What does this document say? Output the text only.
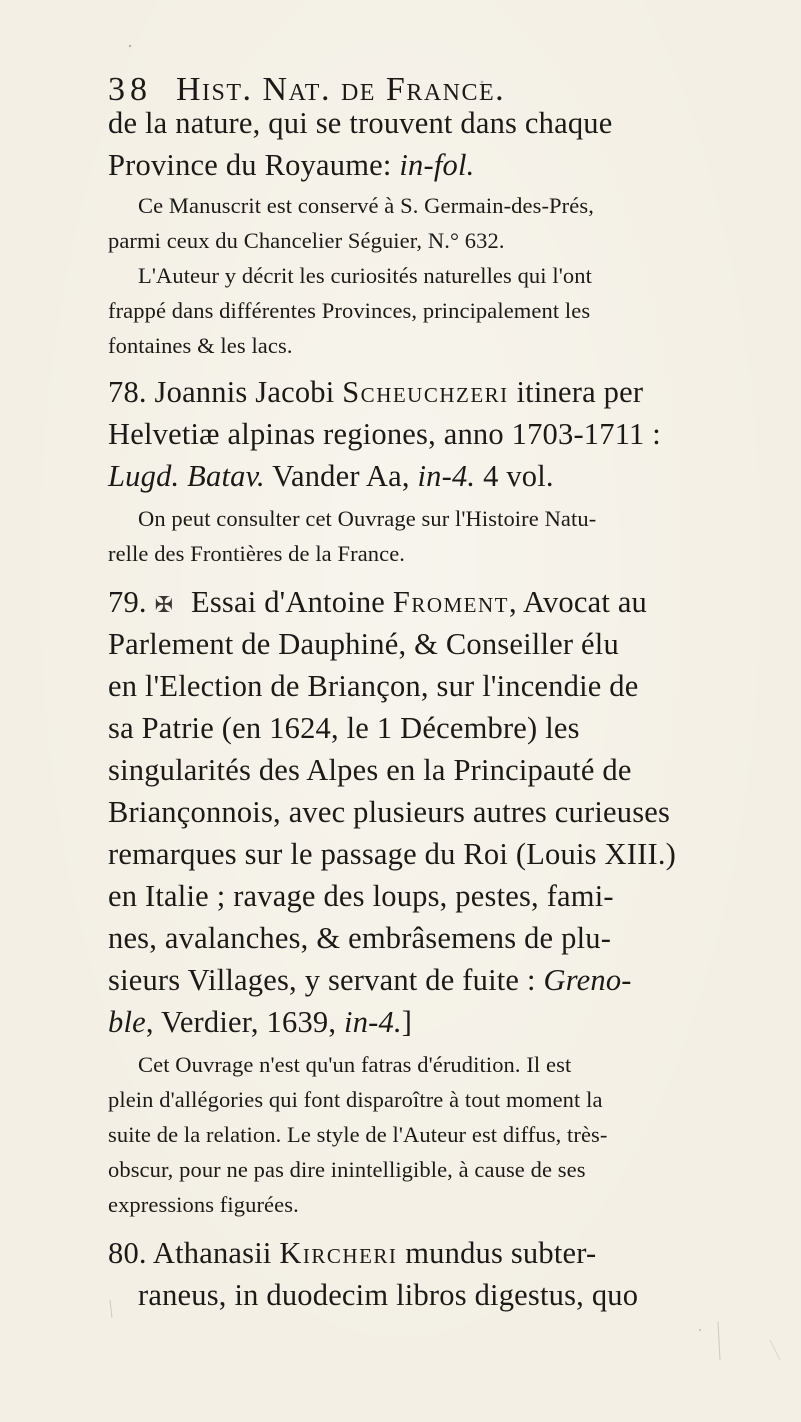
38 Hist. Nat. de France.
de la nature, qui se trouvent dans chaque
Province du Royaume: in-fol.
Ce Manuscrit est conservé à S. Germain-des-Prés,
parmi ceux du Chancelier Séguier, N.° 632.
L'Auteur y décrit les curiosités naturelles qui l'ont
frappé dans différentes Provinces, principalement les
fontaines & les lacs.
78. Joannis Jacobi Scheuchzeri itinera per
Helvetiæ alpinas regiones, anno 1703-1711 :
Lugd. Batav. Vander Aa, in-4. 4 vol.
On peut consulter cet Ouvrage sur l'Histoire Natu-
relle des Frontières de la France.
79. ✠ Essai d'Antoine Froment, Avocat au
Parlement de Dauphiné, & Conseiller élu
en l'Election de Briançon, sur l'incendie de
sa Patrie (en 1624, le 1 Décembre) les
singularités des Alpes en la Principauté de
Briançonnois, avec plusieurs autres curieuses
remarques sur le passage du Roi (Louis XIII.)
en Italie ; ravage des loups, pestes, fami-
nes, avalanches, & embrâsemens de plu-
sieurs Villages, y servant de fuite : Greno-
ble, Verdier, 1639, in-4.]
Cet Ouvrage n'est qu'un fatras d'érudition. Il est
plein d'allégories qui font disparoître à tout moment la
suite de la relation. Le style de l'Auteur est diffus, très-
obscur, pour ne pas dire inintelligible, à cause de ses
expressions figurées.
80. Athanasii Kircheri mundus subter-
raneus, in duodecim libros digestus, quo
